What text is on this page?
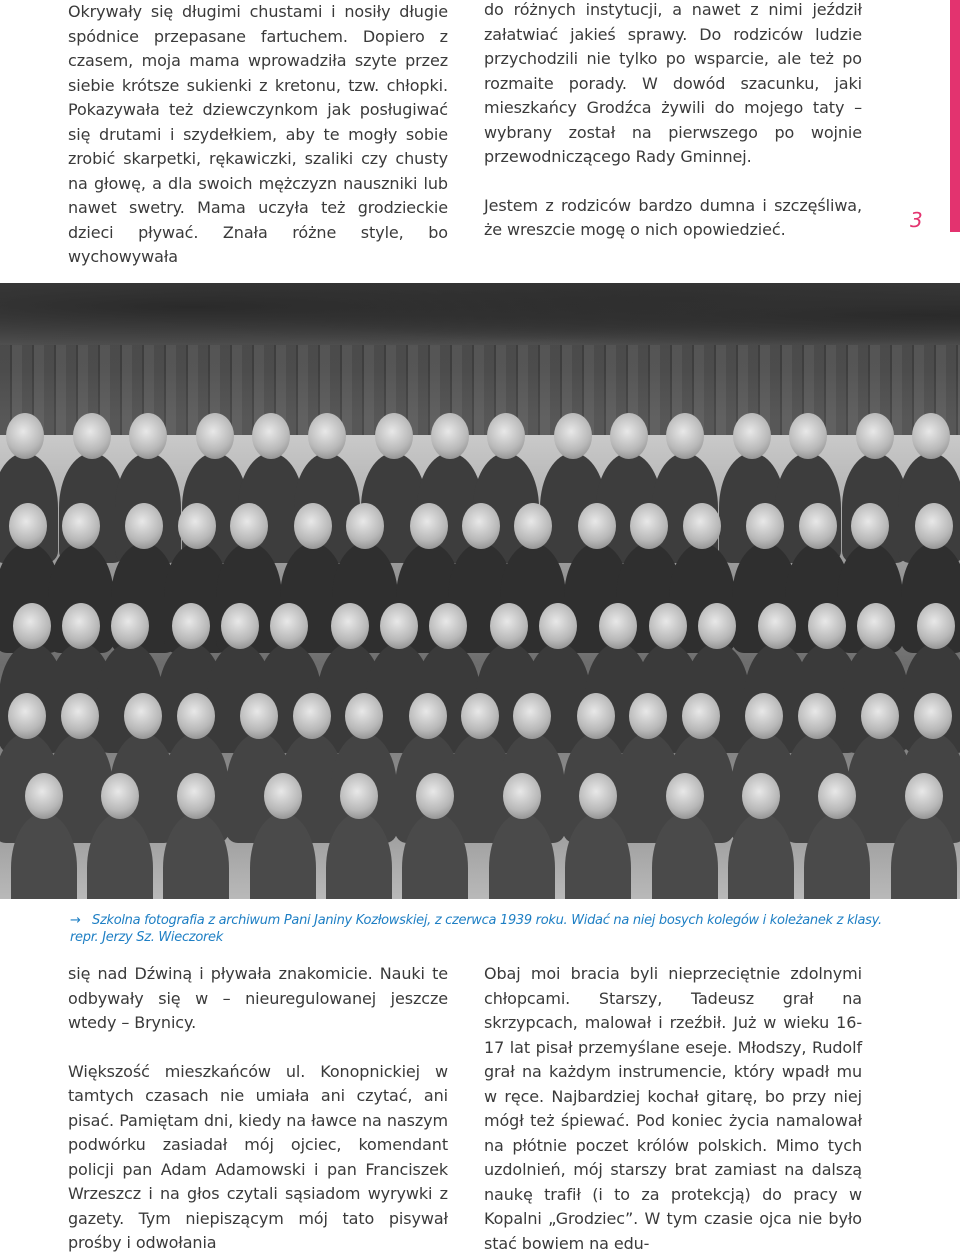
3

Okrywały się długimi chustami i nosiły długie spódnice przepasane fartuchem. Dopiero z czasem, moja mama wprowadziła szyte przez siebie krótsze sukienki z kretonu, tzw. chłopki. Pokazywała też dziewczynkom jak posługiwać się drutami i szydełkiem, aby te mogły sobie zrobić skarpetki, rękawiczki, szaliki czy chusty na głowę, a dla swoich mężczyzn nauszniki lub nawet swetry. Mama uczyła też grodzieckie dzieci pływać. Znała różne style, bo wychowywała

do różnych instytucji, a nawet z nimi jeździł załatwiać jakieś sprawy. Do rodziców ludzie przychodzili nie tylko po wsparcie, ale też po rozmaite porady. W dowód szacunku, jaki mieszkańcy Grodźca żywili do mojego taty – wybrany został na pierwszego po wojnie przewodniczącego Rady Gminnej.

Jestem z rodziców bardzo dumna i szczęśliwa, że wreszcie mogę o nich opowiedzieć.

→ Szkolna fotografia z archiwum Pani Janiny Kozłowskiej, z czerwca 1939 roku. Widać na niej bosych kolegów i koleżanek z klasy. repr. Jerzy Sz. Wieczorek

się nad Dźwiną i pływała znakomicie. Nauki te odbywały się w – nieuregulowanej jeszcze wtedy – Brynicy.

Większość mieszkańców ul. Konopnickiej w tamtych czasach nie umiała ani czytać, ani pisać. Pamiętam dni, kiedy na ławce na naszym podwórku zasiadał mój ojciec, komendant policji pan Adam Adamowski i pan Franciszek Wrzeszcz i na głos czytali sąsiadom wyrywki z gazety. Tym niepiszącym mój tato pisywał prośby i odwołania

Obaj moi bracia byli nieprzeciętnie zdolnymi chłopcami. Starszy, Tadeusz grał na skrzypcach, malował i rzeźbił. Już w wieku 16-17 lat pisał przemyślane eseje. Młodszy, Rudolf grał na każdym instrumencie, który wpadł mu w ręce. Najbardziej kochał gitarę, bo przy niej mógł też śpiewać. Pod koniec życia namalował na płótnie poczet królów polskich. Mimo tych uzdolnień, mój starszy brat zamiast na dalszą naukę trafił (i to za protekcją) do pracy w Kopalni „Grodziec”. W tym czasie ojca nie było stać bowiem na edu-
